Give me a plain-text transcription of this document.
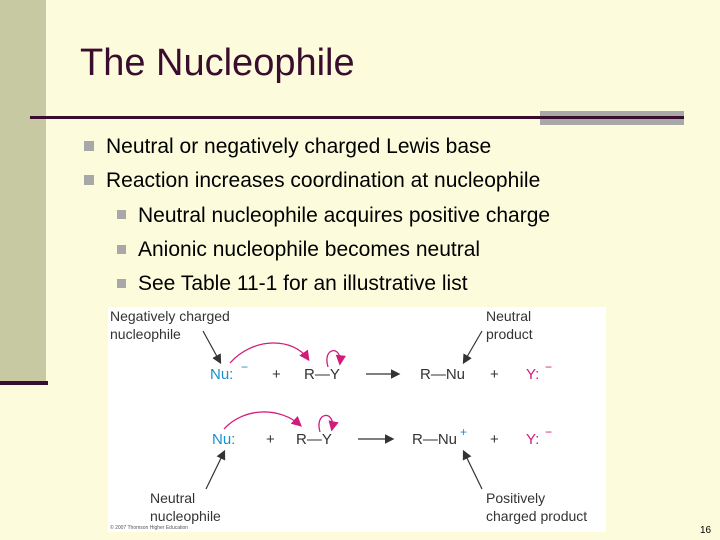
The Nucleophile
Neutral or negatively charged Lewis base
Reaction increases coordination at nucleophile
Neutral nucleophile acquires positive charge
Anionic nucleophile becomes neutral
See Table 11-1 for an illustrative list
Negatively charged
nucleophile
Neutral
product
Neutral
nucleophile
Positively
charged product
Nu: − + R—Y	R—Nu + Y: −
Nu: + R—Y	R—Nu + + Y: −
© 2007 Thomson Higher Education	16
